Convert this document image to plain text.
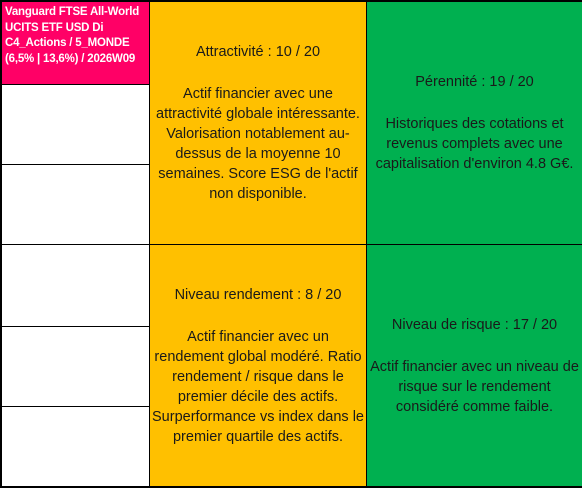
Vanguard FTSE All-World
UCITS ETF USD Di
C4_Actions / 5_MONDE
(6,5% | 13,6%) / 2026W09	Attractivité : 10 / 20
Actif financier avec une
attractivité globale intéressante.
Valorisation notablement au-
dessus de la moyenne 10
semaines. Score ESG de l'actif
non disponible.
Pérennité : 19 / 20
Historiques des cotations et
revenus complets avec une
capitalisation d'environ 4.8 G€.
Niveau rendement : 8 / 20
Actif financier avec un
rendement global modéré. Ratio
rendement / risque dans le
premier décile des actifs.
Surperformance vs index dans le
premier quartile des actifs.
Niveau de risque : 17 / 20
Actif financier avec un niveau de
risque sur le rendement
considéré comme faible.
